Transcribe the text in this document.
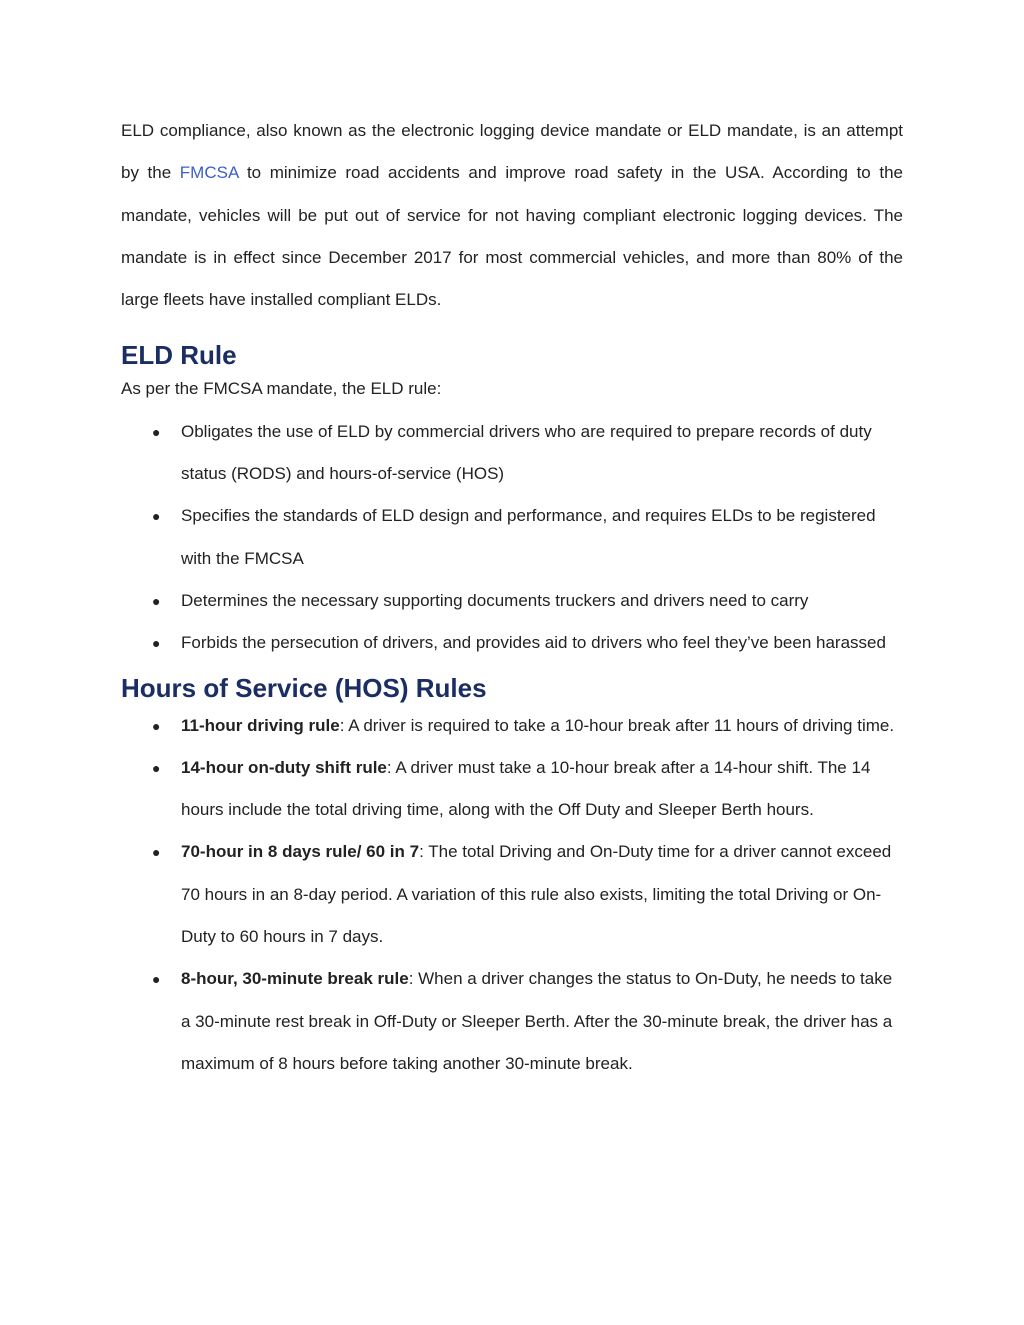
ELD compliance, also known as the electronic logging device mandate or ELD mandate, is an attempt by the FMCSA to minimize road accidents and improve road safety in the USA. According to the mandate, vehicles will be put out of service for not having compliant electronic logging devices. The mandate is in effect since December 2017 for most commercial vehicles, and more than 80% of the large fleets have installed compliant ELDs.

ELD Rule

As per the FMCSA mandate, the ELD rule:

● Obligates the use of ELD by commercial drivers who are required to prepare records of duty status (RODS) and hours-of-service (HOS)
● Specifies the standards of ELD design and performance, and requires ELDs to be registered with the FMCSA
● Determines the necessary supporting documents truckers and drivers need to carry
● Forbids the persecution of drivers, and provides aid to drivers who feel they’ve been harassed
Hours of Service (HOS) Rules
● 11-hour driving rule: A driver is required to take a 10-hour break after 11 hours of driving time.
● 14-hour on-duty shift rule: A driver must take a 10-hour break after a 14-hour shift. The 14 hours include the total driving time, along with the Off Duty and Sleeper Berth hours.
● 70-hour in 8 days rule/ 60 in 7: The total Driving and On-Duty time for a driver cannot exceed 70 hours in an 8-day period. A variation of this rule also exists, limiting the total Driving or On-Duty to 60 hours in 7 days.
● 8-hour, 30-minute break rule: When a driver changes the status to On-Duty, he needs to take a 30-minute rest break in Off-Duty or Sleeper Berth. After the 30-minute break, the driver has a maximum of 8 hours before taking another 30-minute break.
